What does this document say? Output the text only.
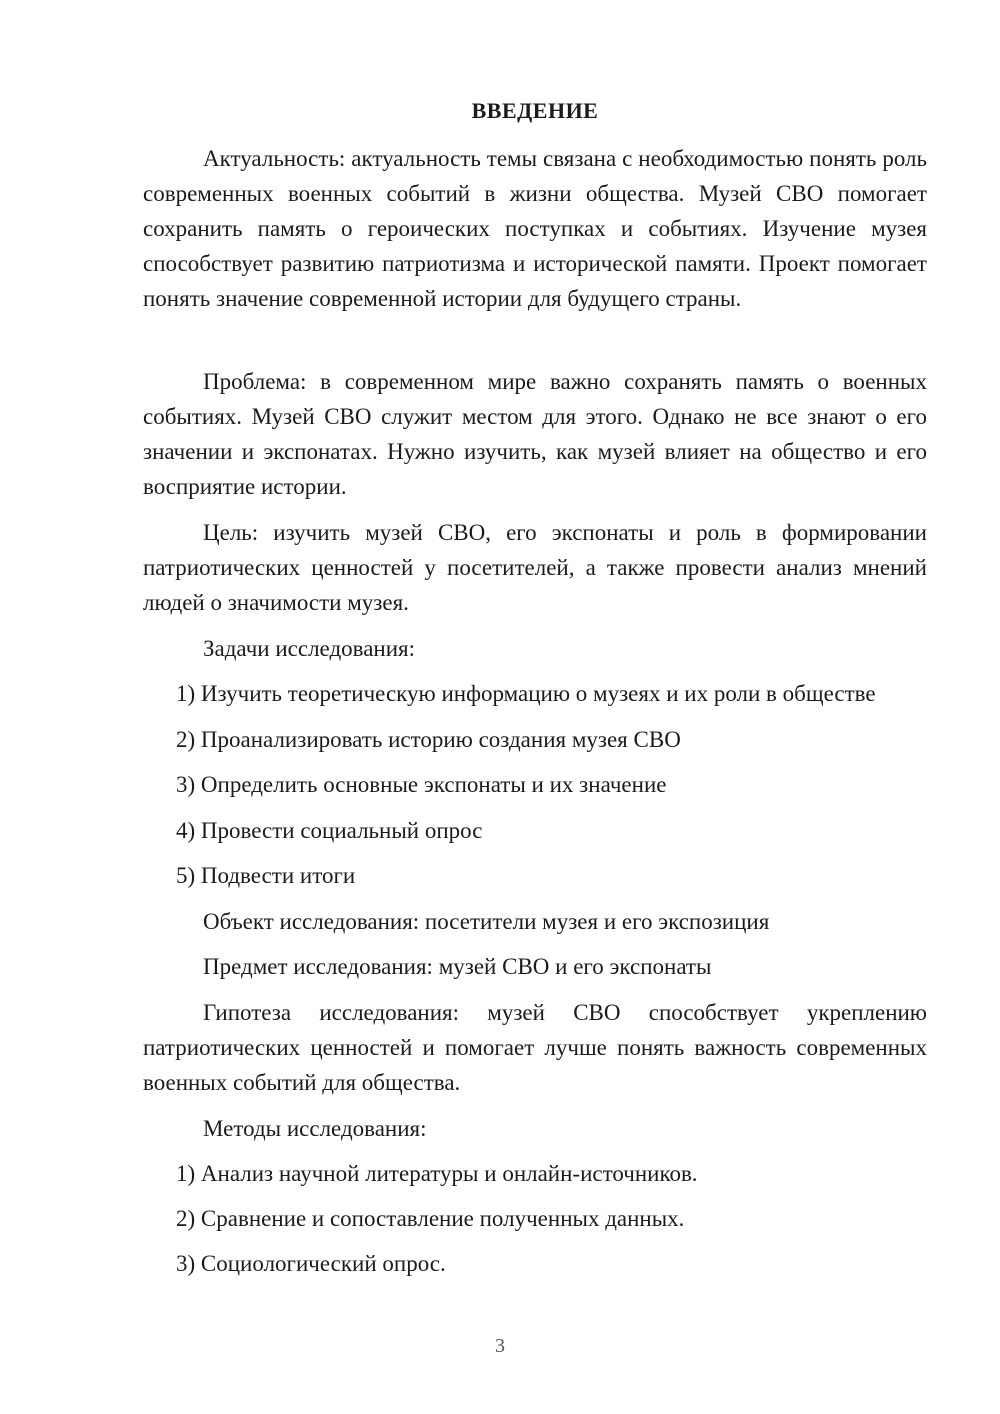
ВВЕДЕНИЕ
Актуальность: актуальность темы связана с необходимостью понять роль современных военных событий в жизни общества. Музей СВО помогает сохранить память о героических поступках и событиях. Изучение музея способствует развитию патриотизма и исторической памяти. Проект помогает понять значение современной истории для будущего страны.
Проблема: в современном мире важно сохранять память о военных событиях. Музей СВО служит местом для этого. Однако не все знают о его значении и экспонатах. Нужно изучить, как музей влияет на общество и его восприятие истории.
Цель: изучить музей СВО, его экспонаты и роль в формировании патриотических ценностей у посетителей, а также провести анализ мнений людей о значимости музея.
Задачи исследования:
1) Изучить теоретическую информацию о музеях и их роли в обществе
2) Проанализировать историю создания музея СВО
3) Определить основные экспонаты и их значение
4) Провести социальный опрос
5) Подвести итоги
Объект исследования: посетители музея и его экспозиция
Предмет исследования: музей СВО и его экспонаты
Гипотеза исследования: музей СВО способствует укреплению патриотических ценностей и помогает лучше понять важность современных военных событий для общества.
Методы исследования:
1) Анализ научной литературы и онлайн-источников.
2) Сравнение и сопоставление полученных данных.
3) Социологический опрос.
3
